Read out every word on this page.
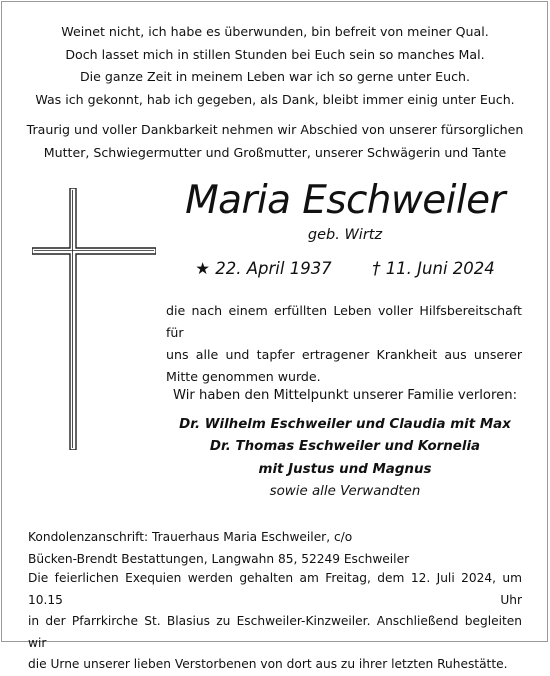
Weinet nicht, ich habe es überwunden, bin befreit von meiner Qual.
Doch lasset mich in stillen Stunden bei Euch sein so manches Mal.
Die ganze Zeit in meinem Leben war ich so gerne unter Euch.
Was ich gekonnt, hab ich gegeben, als Dank, bleibt immer einig unter Euch.
Traurig und voller Dankbarkeit nehmen wir Abschied von unserer fürsorglichen
Mutter, Schwiegermutter und Großmutter, unserer Schwägerin und Tante
Maria Eschweiler
geb. Wirtz
★ 22. April 1937 † 11. Juni 2024
die nach einem erfüllten Leben voller Hilfsbereitschaft für
uns alle und tapfer ertragener Krankheit aus unserer
Mitte genommen wurde.
Wir haben den Mittelpunkt unserer Familie verloren:
Dr. Wilhelm Eschweiler und Claudia mit Max
Dr. Thomas Eschweiler und Kornelia
mit Justus und Magnus
sowie alle Verwandten
Kondolenzanschrift: Trauerhaus Maria Eschweiler, c/o
Bücken-Brendt Bestattungen, Langwahn 85, 52249 Eschweiler
Die feierlichen Exequien werden gehalten am Freitag, dem 12. Juli 2024, um 10.15 Uhr
in der Pfarrkirche St. Blasius zu Eschweiler-Kinzweiler. Anschließend begleiten wir
die Urne unserer lieben Verstorbenen von dort aus zu ihrer letzten Ruhestätte.
